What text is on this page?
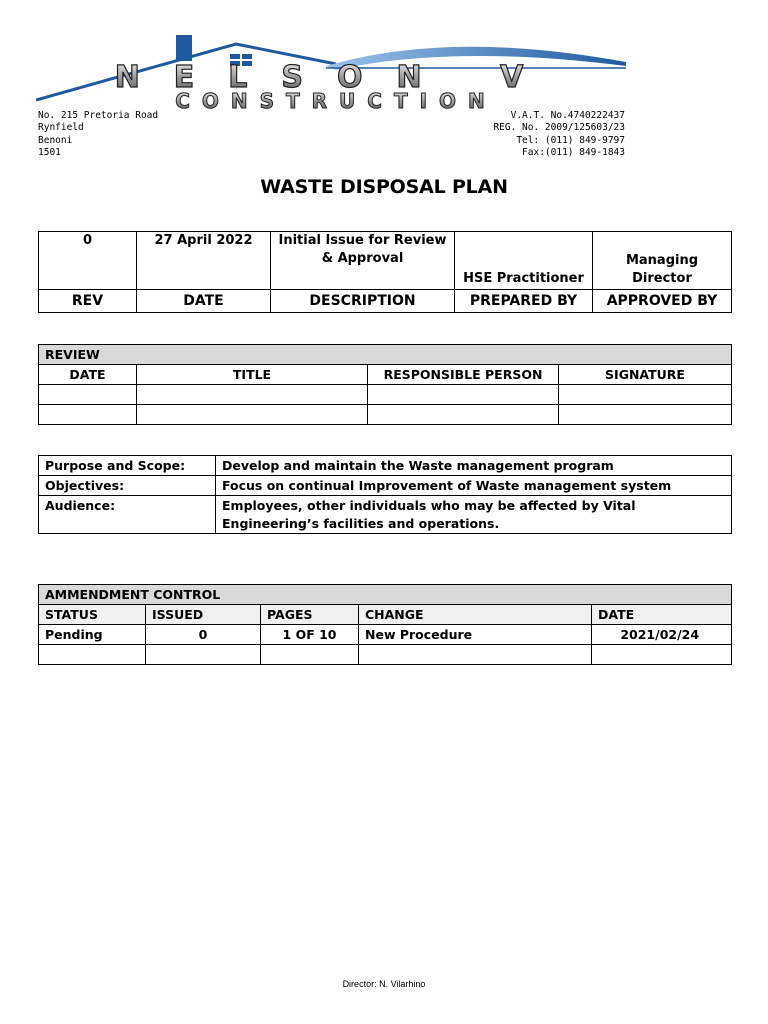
NELSON V
CONSTRUCTION
No. 215 Pretoria Road
Rynfield
Benoni
1501
V.A.T. No.4740222437
REG. No. 2009/125603/23
Tel: (011) 849-9797
Fax:(011) 849-1843
WASTE DISPOSAL PLAN
0	27 April 2022	Initial Issue for Review & Approval	HSE Practitioner	Managing Director
REV	DATE	DESCRIPTION	PREPARED BY	APPROVED BY
REVIEW			
DATE	TITLE	RESPONSIBLE PERSON	SIGNATURE

Purpose and Scope:	Develop and maintain the Waste management program
Objectives:	Focus on continual Improvement of Waste management system
Audience:	Employees, other individuals who may be affected by Vital Engineering’s facilities and operations.
AMMENDMENT CONTROL				
STATUS	ISSUED	PAGES	CHANGE	DATE
Pending	0	1 OF 10	New Procedure	2021/02/24

Director: N. Vilarhino
